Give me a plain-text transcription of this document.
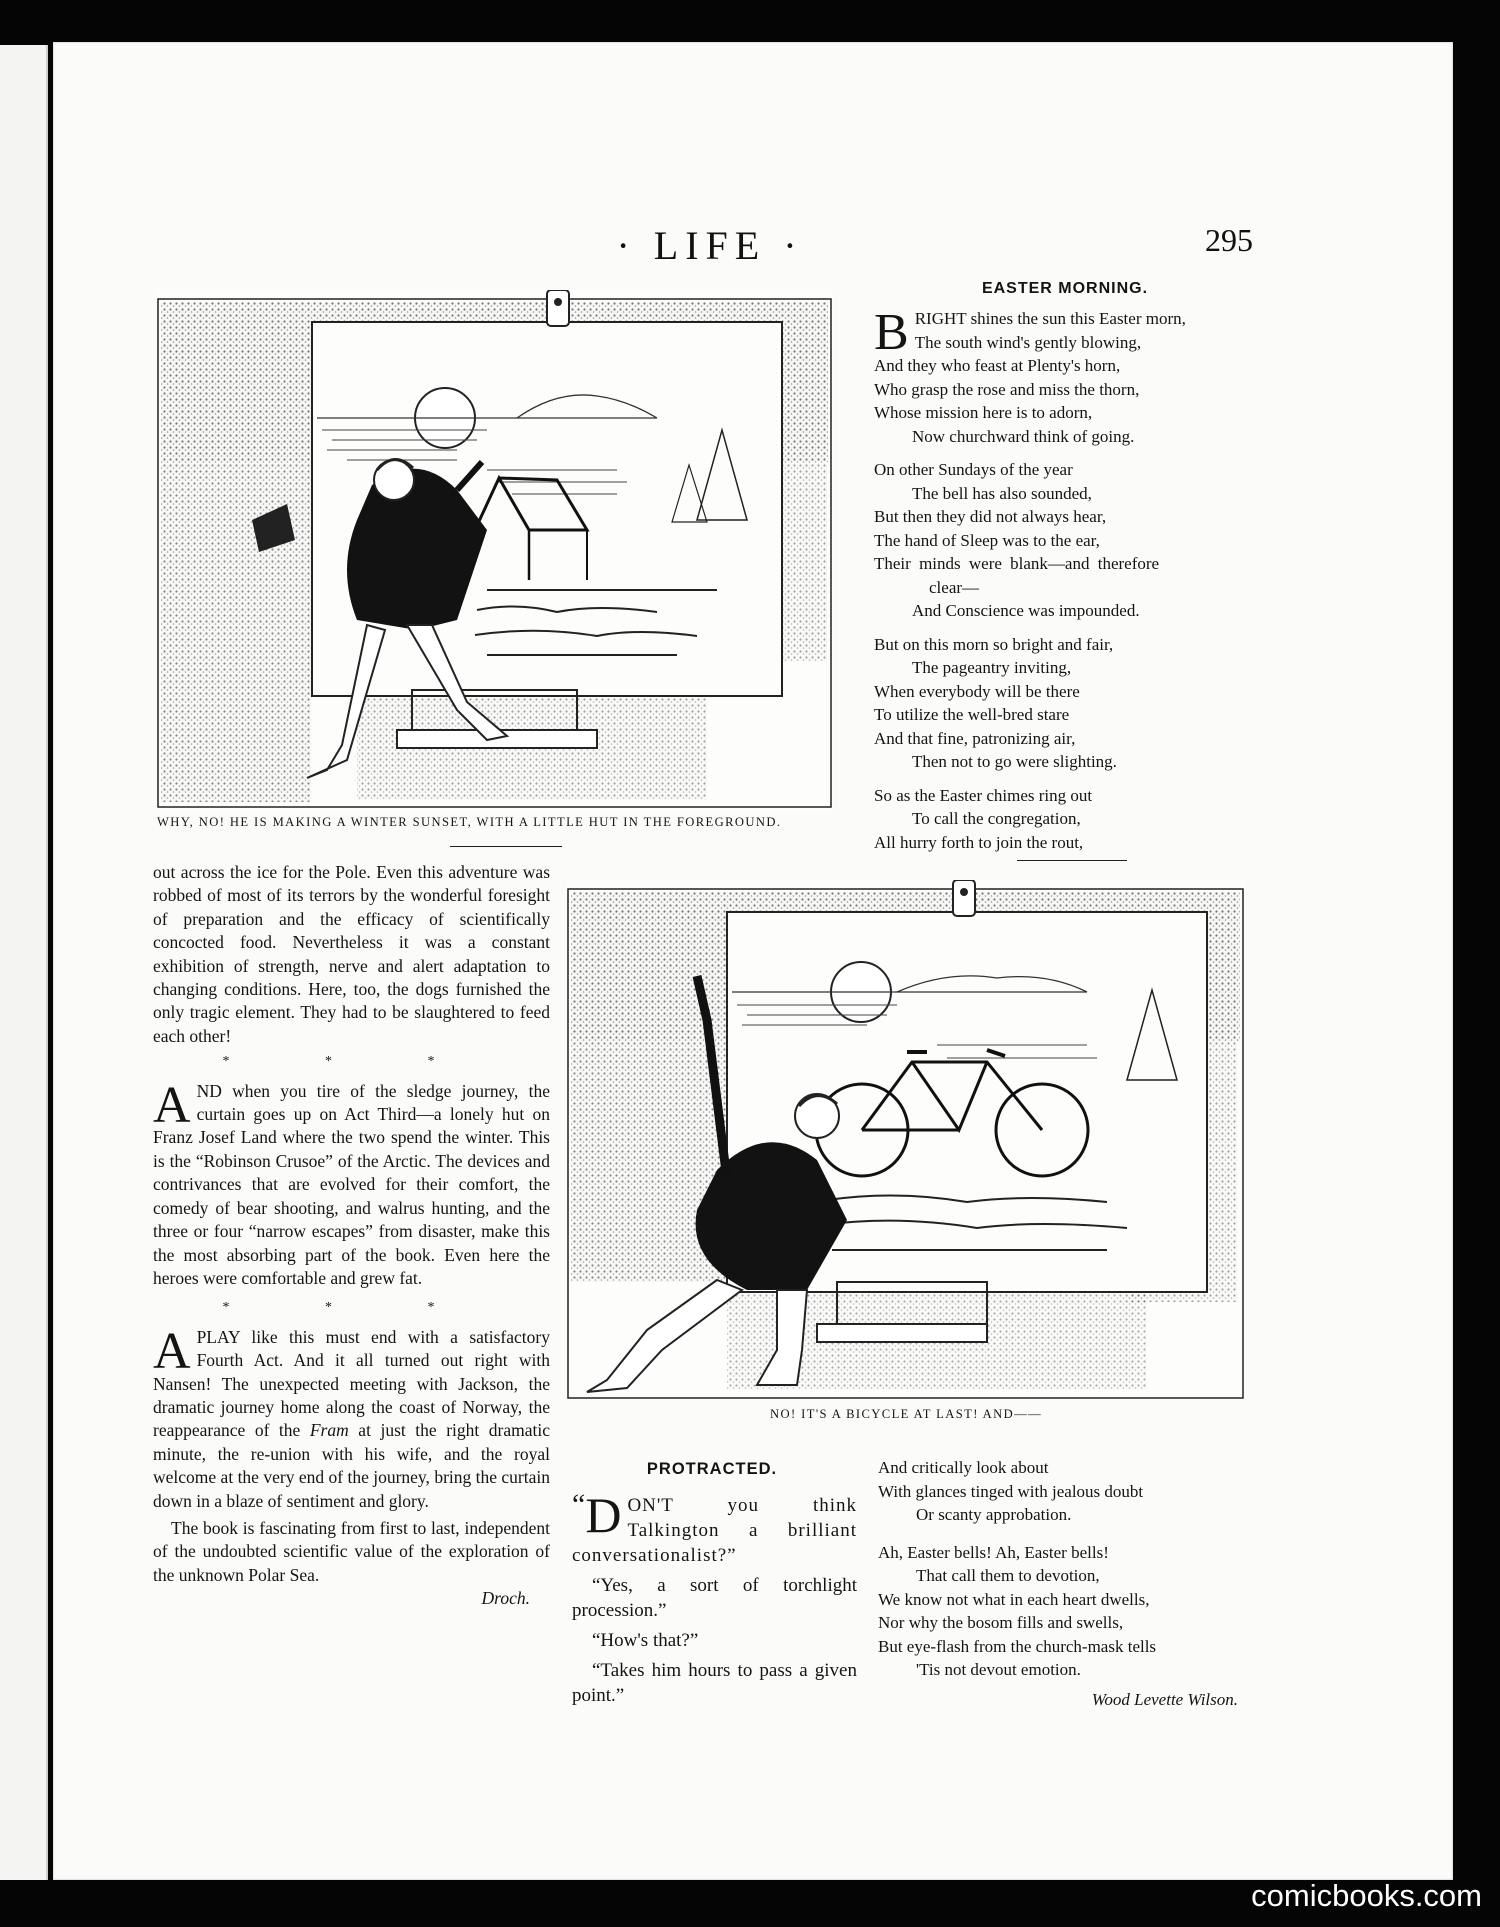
· LIFE ·	295
WHY, NO! HE IS MAKING A WINTER SUNSET, WITH A LITTLE HUT IN THE FOREGROUND.
EASTER MORNING.
B RIGHT shines the sun this Easter morn,
The south wind's gently blowing,
And they who feast at Plenty's horn,
Who grasp the rose and miss the thorn,
Whose mission here is to adorn,
Now churchward think of going.
On other Sundays of the year
The bell has also sounded,
But then they did not always hear,
The hand of Sleep was to the ear,
Their minds were blank—and therefore
clear—
And Conscience was impounded.
But on this morn so bright and fair,
The pageantry inviting,
When everybody will be there
To utilize the well-bred stare
And that fine, patronizing air,
Then not to go were slighting.
So as the Easter chimes ring out
To call the congregation,
All hurry forth to join the rout,

out across the ice for the Pole. Even this adventure was robbed of most of its terrors by the wonderful foresight of preparation and the efficacy of scientifically concocted food. Nevertheless it was a constant exhibition of strength, nerve and alert adaptation to changing conditions. Here, too, the dogs furnished the only tragic element. They had to be slaughtered to feed each other!

* * *

AND when you tire of the sledge journey, the curtain goes up on Act Third—a lonely hut on Franz Josef Land where the two spend the winter. This is the “Robinson Crusoe” of the Arctic. The devices and contrivances that are evolved for their comfort, the comedy of bear shooting, and walrus hunting, and the three or four “narrow escapes” from disaster, make this the most absorbing part of the book. Even here the heroes were comfortable and grew fat.

* * *

APLAY like this must end with a satisfactory Fourth Act. And it all turned out right with Nansen! The unexpected meeting with Jackson, the dramatic journey home along the coast of Norway, the reappearance of the Fram at just the right dramatic minute, the re-union with his wife, and the royal welcome at the very end of the journey, bring the curtain down in a blaze of sentiment and glory.

The book is fascinating from first to last, independent of the undoubted scientific value of the exploration of the unknown Polar Sea.

Droch.
NO! IT'S A BICYCLE AT LAST! AND——
PROTRACTED.

“ D ON'T you think Talkington a brilliant conversationalist?”

“Yes, a sort of torchlight procession.”

“How's that?”

“Takes him hours to pass a given point.”

And critically look about
With glances tinged with jealous doubt
Or scanty approbation.
Ah, Easter bells! Ah, Easter bells!
That call them to devotion,
We know not what in each heart dwells,
Nor why the bosom fills and swells,
But eye-flash from the church-mask tells
'Tis not devout emotion.
Wood Levette Wilson.
comicbooks.com
